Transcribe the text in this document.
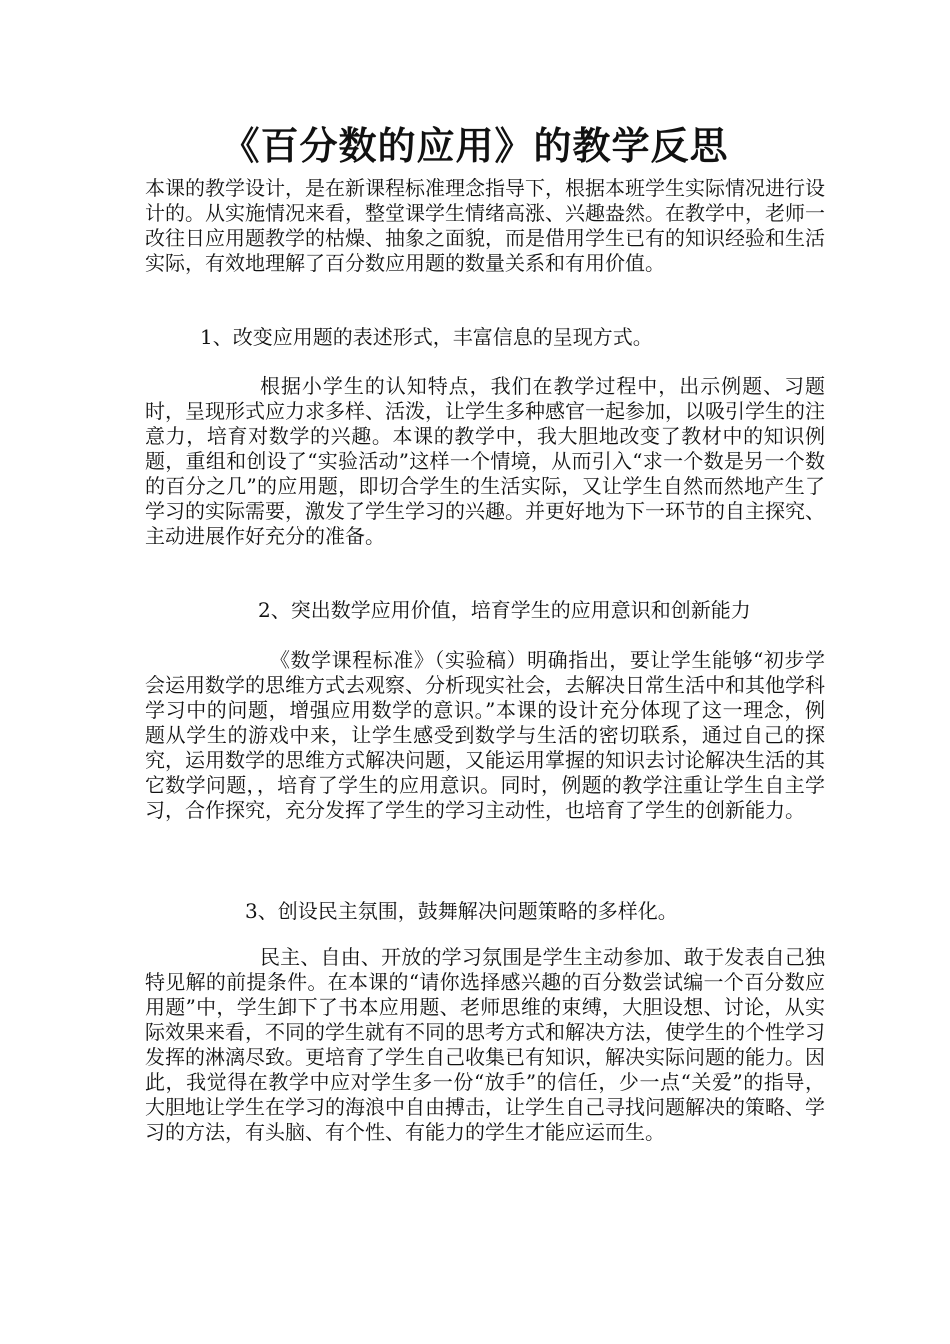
《百分数的应用》的教学反思

本课的教学设计，是在新课程标准理念指导下，根据本班学生实际情况进行设计的。从实施情况来看，整堂课学生情绪高涨、兴趣盎然。在教学中，老师一改往日应用题教学的枯燥、抽象之面貌，而是借用学生已有的知识经验和生活实际，有效地理解了百分数应用题的数量关系和有用价值。

1、改变应用题的表述形式，丰富信息的呈现方式。

根据小学生的认知特点，我们在教学过程中，出示例题、习题时，呈现形式应力求多样、活泼，让学生多种感官一起参加，以吸引学生的注意力，培育对数学的兴趣。本课的教学中，我大胆地改变了教材中的知识例题，重组和创设了“实验活动”这样一个情境，从而引入“求一个数是另一个数的百分之几”的应用题，即切合学生的生活实际，又让学生自然而然地产生了学习的实际需要，激发了学生学习的兴趣。并更好地为下一环节的自主探究、主动进展作好充分的准备。

2、突出数学应用价值，培育学生的应用意识和创新能力

《数学课程标准》（实验稿）明确指出，要让学生能够“初步学会运用数学的思维方式去观察、分析现实社会，去解决日常生活中和其他学科学习中的问题，增强应用数学的意识。”本课的设计充分体现了这一理念，例题从学生的游戏中来，让学生感受到数学与生活的密切联系，通过自己的探究，运用数学的思维方式解决问题，又能运用掌握的知识去讨论解决生活的其它数学问题，，培育了学生的应用意识。同时，例题的教学注重让学生自主学习，合作探究，充分发挥了学生的学习主动性，也培育了学生的创新能力。

3、创设民主氛围，鼓舞解决问题策略的多样化。

民主、自由、开放的学习氛围是学生主动参加、敢于发表自己独特见解的前提条件。在本课的“请你选择感兴趣的百分数尝试编一个百分数应用题”中，学生卸下了书本应用题、老师思维的束缚，大胆设想、讨论，从实际效果来看，不同的学生就有不同的思考方式和解决方法，使学生的个性学习发挥的淋漓尽致。更培育了学生自己收集已有知识，解决实际问题的能力。因此，我觉得在教学中应对学生多一份“放手”的信任，少一点“关爱”的指导，大胆地让学生在学习的海浪中自由搏击，让学生自己寻找问题解决的策略、学习的方法，有头脑、有个性、有能力的学生才能应运而生。
